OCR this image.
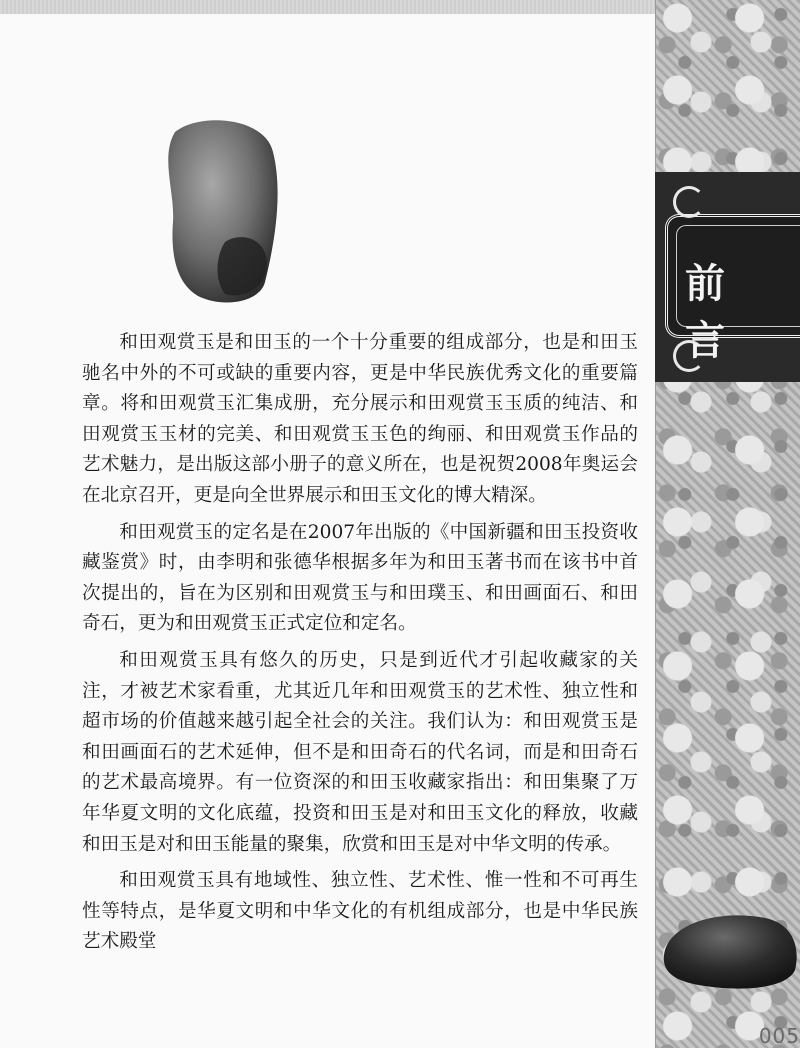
前 言

和田观赏玉是和田玉的一个十分重要的组成部分，也是和田玉驰名中外的不可或缺的重要内容，更是中华民族优秀文化的重要篇章。将和田观赏玉汇集成册，充分展示和田观赏玉玉质的纯洁、和田观赏玉玉材的完美、和田观赏玉玉色的绚丽、和田观赏玉作品的艺术魅力，是出版这部小册子的意义所在，也是祝贺2008年奥运会在北京召开，更是向全世界展示和田玉文化的博大精深。

和田观赏玉的定名是在2007年出版的《中国新疆和田玉投资收藏鉴赏》时，由李明和张德华根据多年为和田玉著书而在该书中首次提出的，旨在为区别和田观赏玉与和田璞玉、和田画面石、和田奇石，更为和田观赏玉正式定位和定名。

和田观赏玉具有悠久的历史，只是到近代才引起收藏家的关注，才被艺术家看重，尤其近几年和田观赏玉的艺术性、独立性和超市场的价值越来越引起全社会的关注。我们认为：和田观赏玉是和田画面石的艺术延伸，但不是和田奇石的代名词，而是和田奇石的艺术最高境界。有一位资深的和田玉收藏家指出：和田集聚了万年华夏文明的文化底蕴，投资和田玉是对和田玉文化的释放，收藏和田玉是对和田玉能量的聚集，欣赏和田玉是对中华文明的传承。

和田观赏玉具有地域性、独立性、艺术性、惟一性和不可再生性等特点，是华夏文明和中华文化的有机组成部分，也是中华民族艺术殿堂

005
